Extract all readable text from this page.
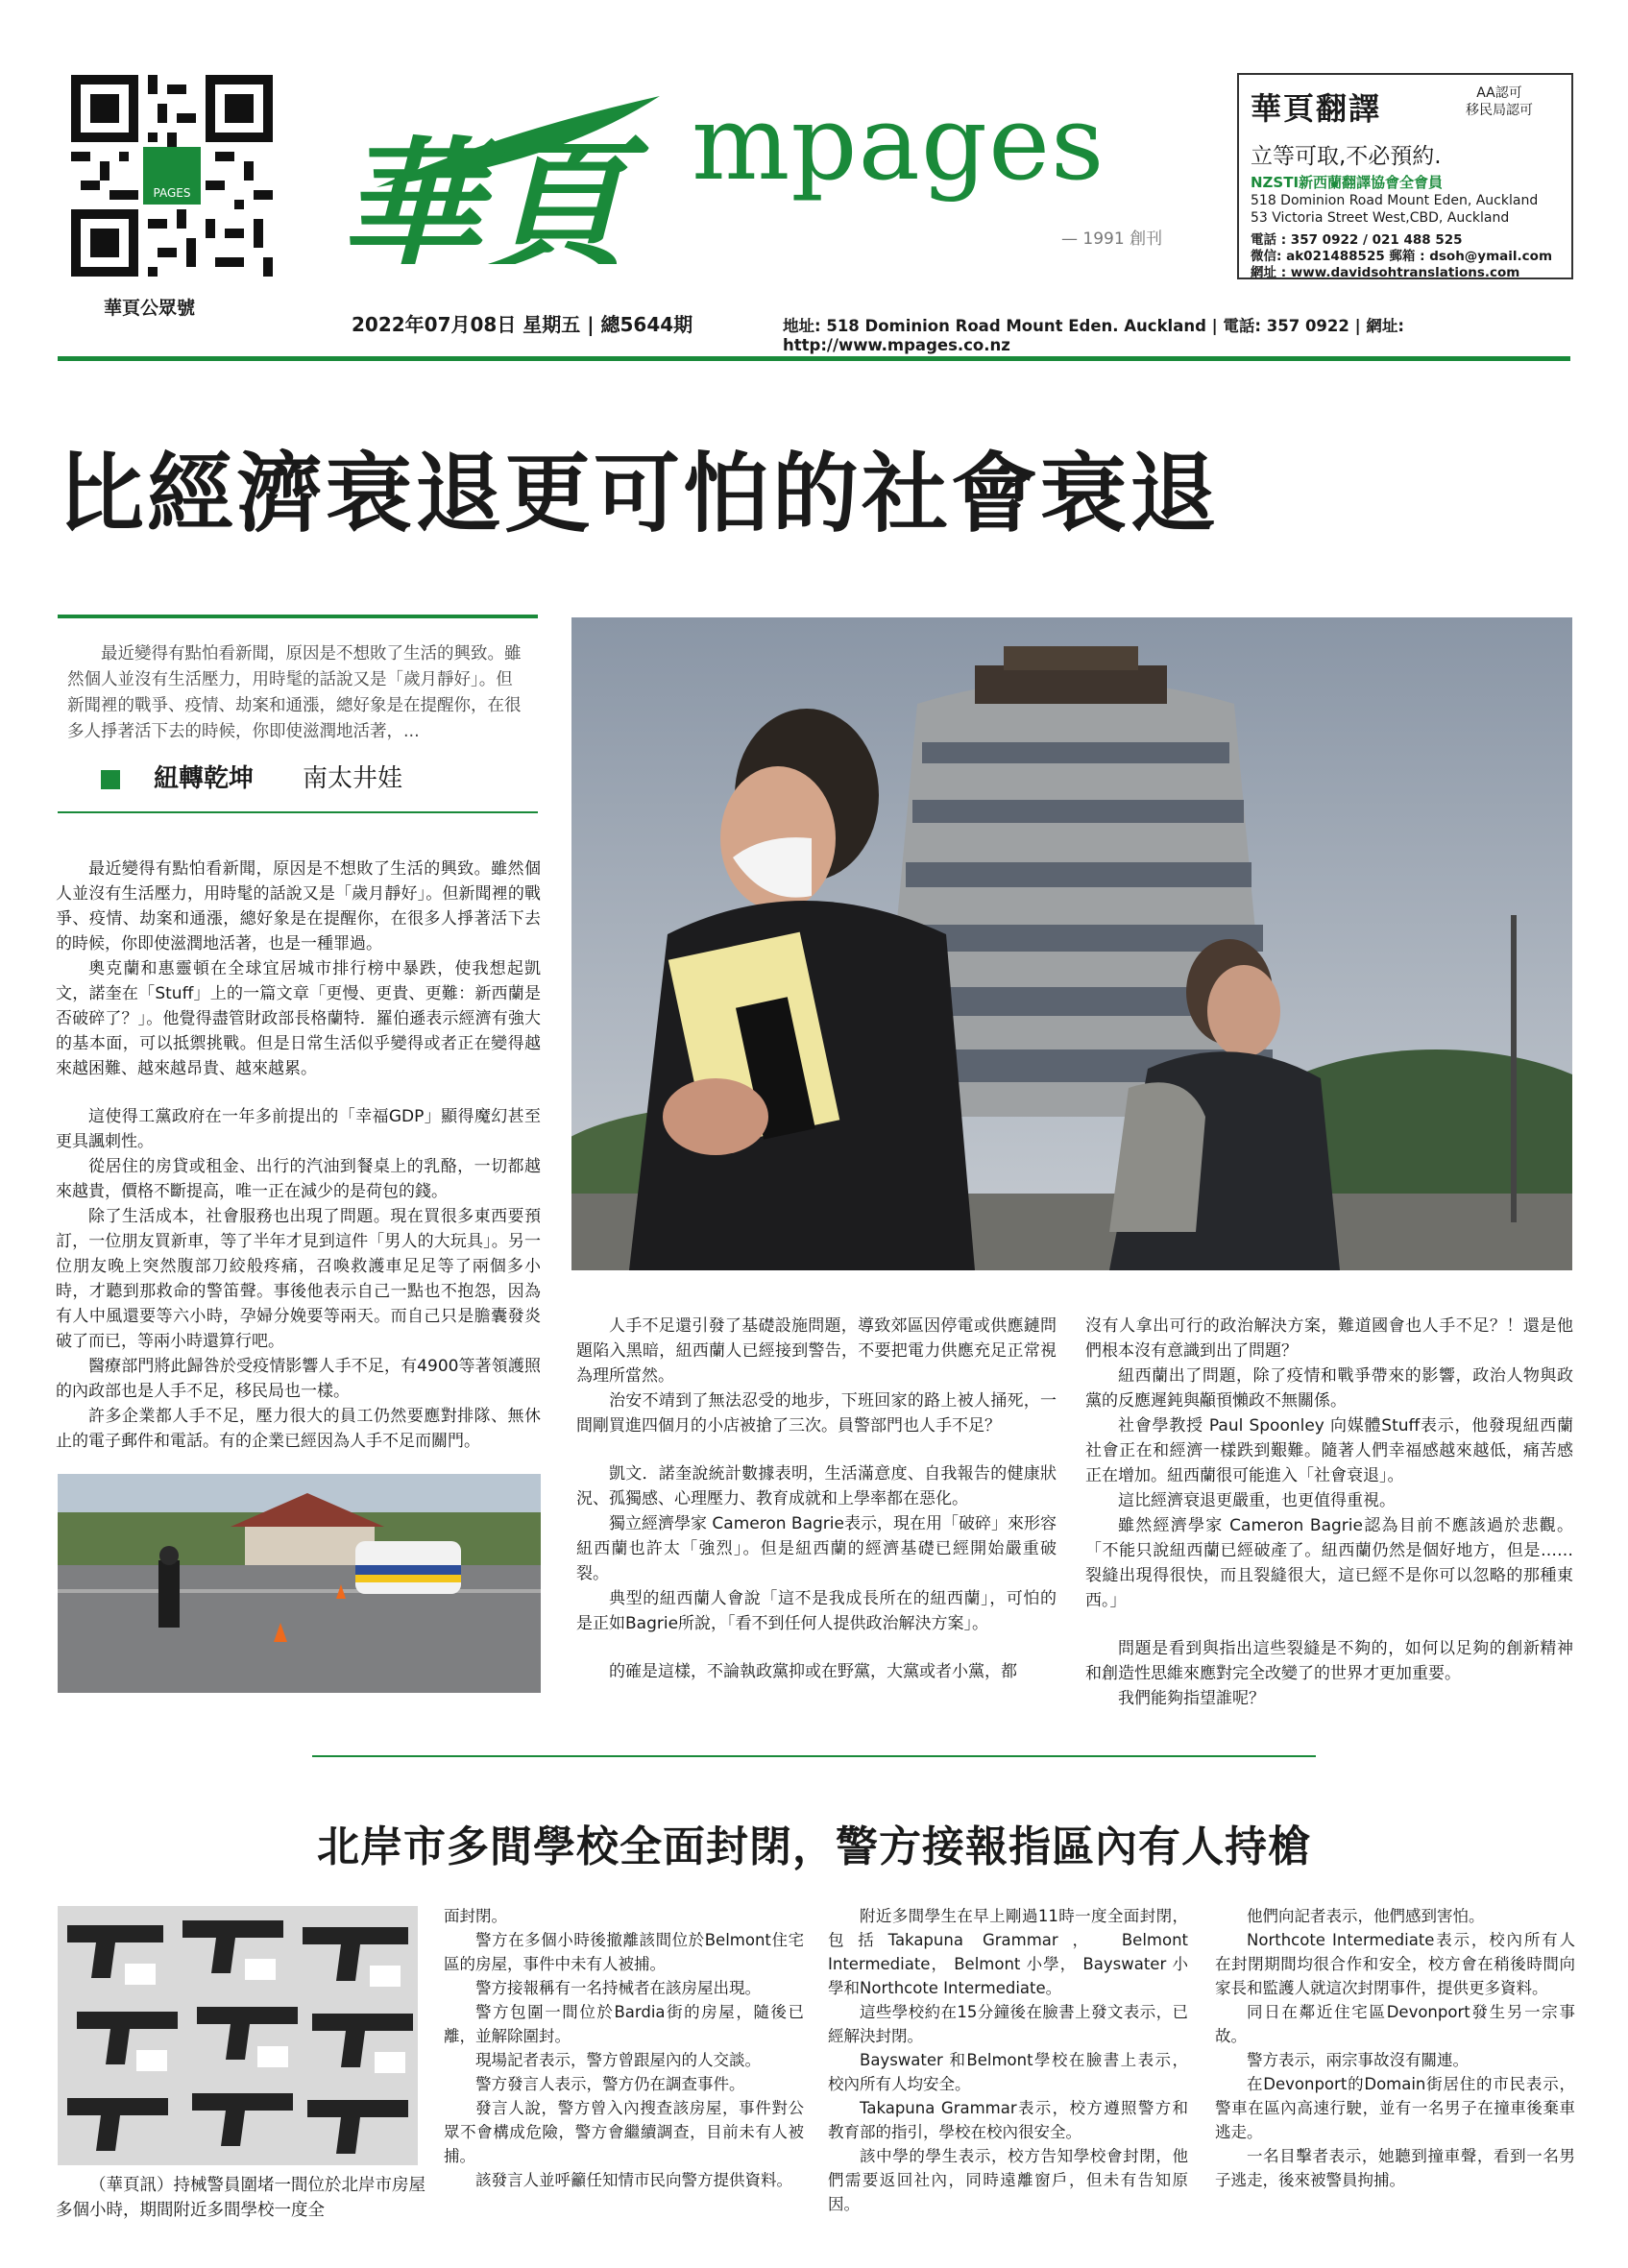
PAGES
華頁公眾號
華頁 mpages
— 1991 創刊
2022年07月08日 星期五 | 總5644期	地址: 518 Dominion Road Mount Eden. Auckland | 電話: 357 0922 | 網址: http://www.mpages.co.nz
華頁翻譯	AA認可
移民局認可
立等可取,不必預約.
NZSTI新西蘭翻譯協會全會員
518 Dominion Road Mount Eden, Auckland
53 Victoria Street West,CBD, Auckland
電話 : 357 0922 / 021 488 525
微信: ak021488525 郵箱 : dsoh@ymail.com
網址 : www.davidsohtranslations.com
比經濟衰退更可怕的社會衰退
最近變得有點怕看新聞，原因是不想敗了生活的興致。雖然個人並沒有生活壓力，用時髦的話說又是「歲月靜好」。但新聞裡的戰爭、疫情、劫案和通漲，總好象是在提醒你，在很多人掙著活下去的時候，你即使滋潤地活著，...
紐轉乾坤 南太井娃

最近變得有點怕看新聞，原因是不想敗了生活的興致。雖然個人並沒有生活壓力，用時髦的話說又是「歲月靜好」。但新聞裡的戰爭、疫情、劫案和通漲，總好象是在提醒你，在很多人掙著活下去的時候，你即使滋潤地活著，也是一種罪過。

奧克蘭和惠靈頓在全球宜居城市排行榜中暴跌，使我想起凱文，諾奎在「Stuff」上的一篇文章「更慢、更貴、更難：新西蘭是否破碎了？」。他覺得盡管財政部長格蘭特．羅伯遜表示經濟有強大的基本面，可以抵禦挑戰。但是日常生活似乎變得或者正在變得越來越困難、越來越昂貴、越來越累。

這使得工黨政府在一年多前提出的「幸福GDP」顯得魔幻甚至更具諷刺性。

從居住的房貸或租金、出行的汽油到餐桌上的乳酪，一切都越來越貴，價格不斷提高，唯一正在減少的是荷包的錢。

除了生活成本，社會服務也出現了問題。現在買很多東西要預訂，一位朋友買新車，等了半年才見到這件「男人的大玩具」。另一位朋友晚上突然腹部刀絞般疼痛，召喚救護車足足等了兩個多小時，才聽到那救命的警笛聲。事後他表示自己一點也不抱怨，因為有人中風還要等六小時，孕婦分娩要等兩天。而自己只是膽囊發炎破了而已，等兩小時還算行吧。

醫療部門將此歸咎於受疫情影響人手不足，有4900等著領護照的內政部也是人手不足，移民局也一樣。

許多企業都人手不足，壓力很大的員工仍然要應對排隊、無休止的電子郵件和電話。有的企業已經因為人手不足而關門。

人手不足還引發了基礎設施問題，導致郊區因停電或供應鏈問題陷入黑暗，紐西蘭人已經接到警告，不要把電力供應充足正常視為理所當然。

治安不靖到了無法忍受的地步，下班回家的路上被人捅死，一間剛買進四個月的小店被搶了三次。員警部門也人手不足？

凱文．諾奎說統計數據表明，生活滿意度、自我報告的健康狀況、孤獨感、心理壓力、教育成就和上學率都在惡化。

獨立經濟學家 Cameron Bagrie表示，現在用「破碎」來形容紐西蘭也許太「強烈」。但是紐西蘭的經濟基礎已經開始嚴重破裂。

典型的紐西蘭人會說「這不是我成長所在的紐西蘭」，可怕的是正如Bagrie所說，「看不到任何人提供政治解決方案」。

的確是這樣，不論執政黨抑或在野黨，大黨或者小黨，都

沒有人拿出可行的政治解決方案，難道國會也人手不足？！還是他們根本沒有意識到出了問題？

紐西蘭出了問題，除了疫情和戰爭帶來的影響，政治人物與政黨的反應遲鈍與顢頇懶政不無關係。

社會學教授 Paul Spoonley 向媒體Stuff表示，他發現紐西蘭社會正在和經濟一樣跌到艱難。隨著人們幸福感越來越低，痛苦感正在增加。紐西蘭很可能進入「社會衰退」。

這比經濟衰退更嚴重，也更值得重視。

雖然經濟學家 Cameron Bagrie認為目前不應該過於悲觀。「不能只說紐西蘭已經破產了。紐西蘭仍然是個好地方，但是……裂縫出現得很快，而且裂縫很大，這已經不是你可以忽略的那種東西。」

問題是看到與指出這些裂縫是不夠的，如何以足夠的創新精神和創造性思維來應對完全改變了的世界才更加重要。

我們能夠指望誰呢？

北岸市多間學校全面封閉，警方接報指區內有人持槍
（華頁訊）持械警員圍堵一間位於北岸市房屋多個小時，期間附近多間學校一度全

面封閉。

警方在多個小時後撤離該間位於Belmont住宅區的房屋，事件中未有人被捕。

警方接報稱有一名持械者在該房屋出現。

警方包圍一間位於Bardia街的房屋，隨後已離，並解除圍封。

現場記者表示，警方曾跟屋內的人交談。

警方發言人表示，警方仍在調查事件。

發言人說，警方曾入內搜查該房屋，事件對公眾不會構成危險，警方會繼續調查，目前未有人被捕。

該發言人並呼籲任知情市民向警方提供資料。

附近多間學生在早上剛過11時一度全面封閉，包括Takapuna Grammar， Belmont Intermediate， Belmont 小學， Bayswater 小學和Northcote Intermediate。

這些學校約在15分鐘後在臉書上發文表示，已經解決封閉。

Bayswater 和Belmont學校在臉書上表示，校內所有人均安全。

Takapuna Grammar表示，校方遵照警方和教育部的指引，學校在校內很安全。

該中學的學生表示，校方告知學校會封閉，他們需要返回社內，同時遠離窗戶，但未有告知原因。

他們向記者表示，他們感到害怕。

Northcote Intermediate表示，校內所有人在封閉期間均很合作和安全，校方會在稍後時間向家長和監護人就這次封閉事件，提供更多資料。

同日在鄰近住宅區Devonport發生另一宗事故。

警方表示，兩宗事故沒有關連。

在Devonport的Domain街居住的市民表示，警車在區內高速行駛，並有一名男子在撞車後棄車逃走。

一名目擊者表示，她聽到撞車聲，看到一名男子逃走，後來被警員拘捕。
